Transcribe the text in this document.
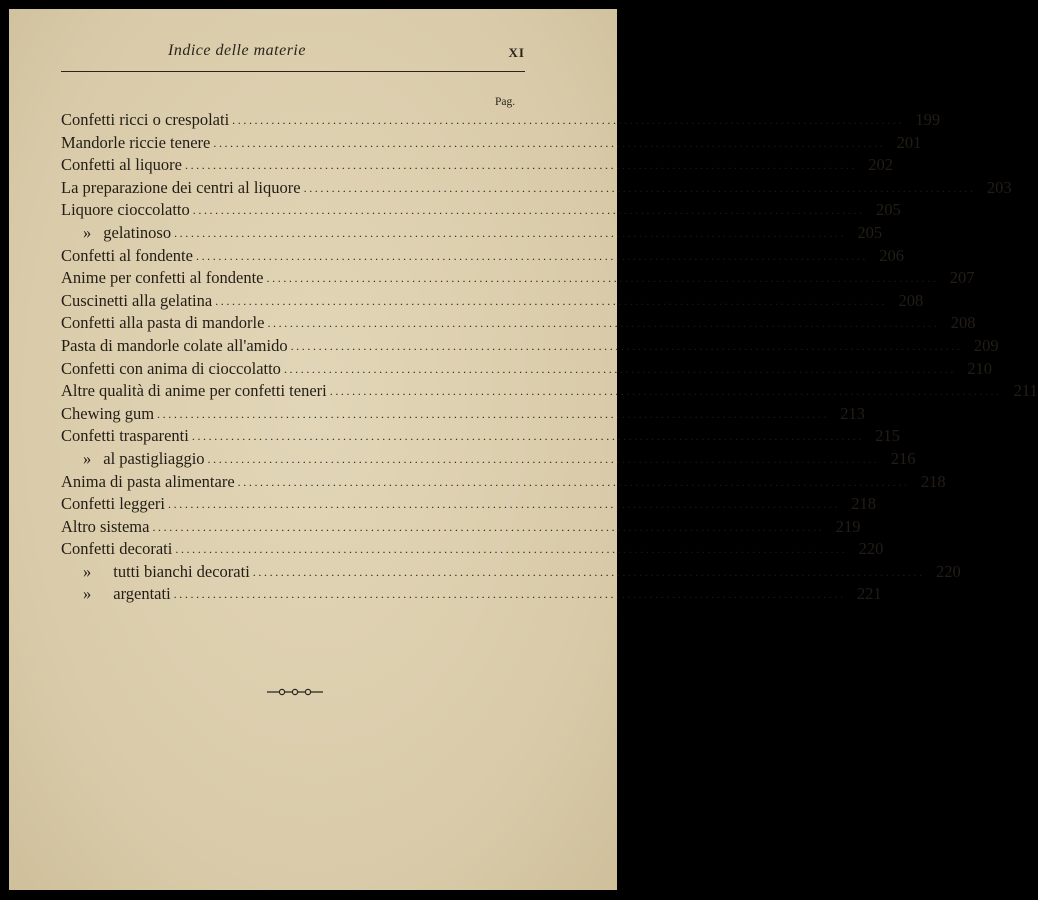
Indice delle materie	XI
Pag.
Confetti ricci o crespolati ........................................................................................................................ 199
Mandorle riccie tenere ........................................................................................................................ 201
Confetti al liquore ........................................................................................................................ 202
La preparazione dei centri al liquore ........................................................................................................................ 203
Liquore cioccolatto ........................................................................................................................ 205
» gelatinoso ........................................................................................................................ 205
Confetti al fondente ........................................................................................................................ 206
Anime per confetti al fondente ........................................................................................................................ 207
Cuscinetti alla gelatina ........................................................................................................................ 208
Confetti alla pasta di mandorle ........................................................................................................................ 208
Pasta di mandorle colate all'amido ........................................................................................................................ 209
Confetti con anima di cioccolatto ........................................................................................................................ 210
Altre qualità di anime per confetti teneri ........................................................................................................................ 211
Chewing gum ........................................................................................................................ 213
Confetti trasparenti ........................................................................................................................ 215
» al pastigliaggio ........................................................................................................................ 216
Anima di pasta alimentare ........................................................................................................................ 218
Confetti leggeri ........................................................................................................................ 218
Altro sistema ........................................................................................................................ 219
Confetti decorati ........................................................................................................................ 220
» tutti bianchi decorati ........................................................................................................................ 220
» argentati ........................................................................................................................ 221
